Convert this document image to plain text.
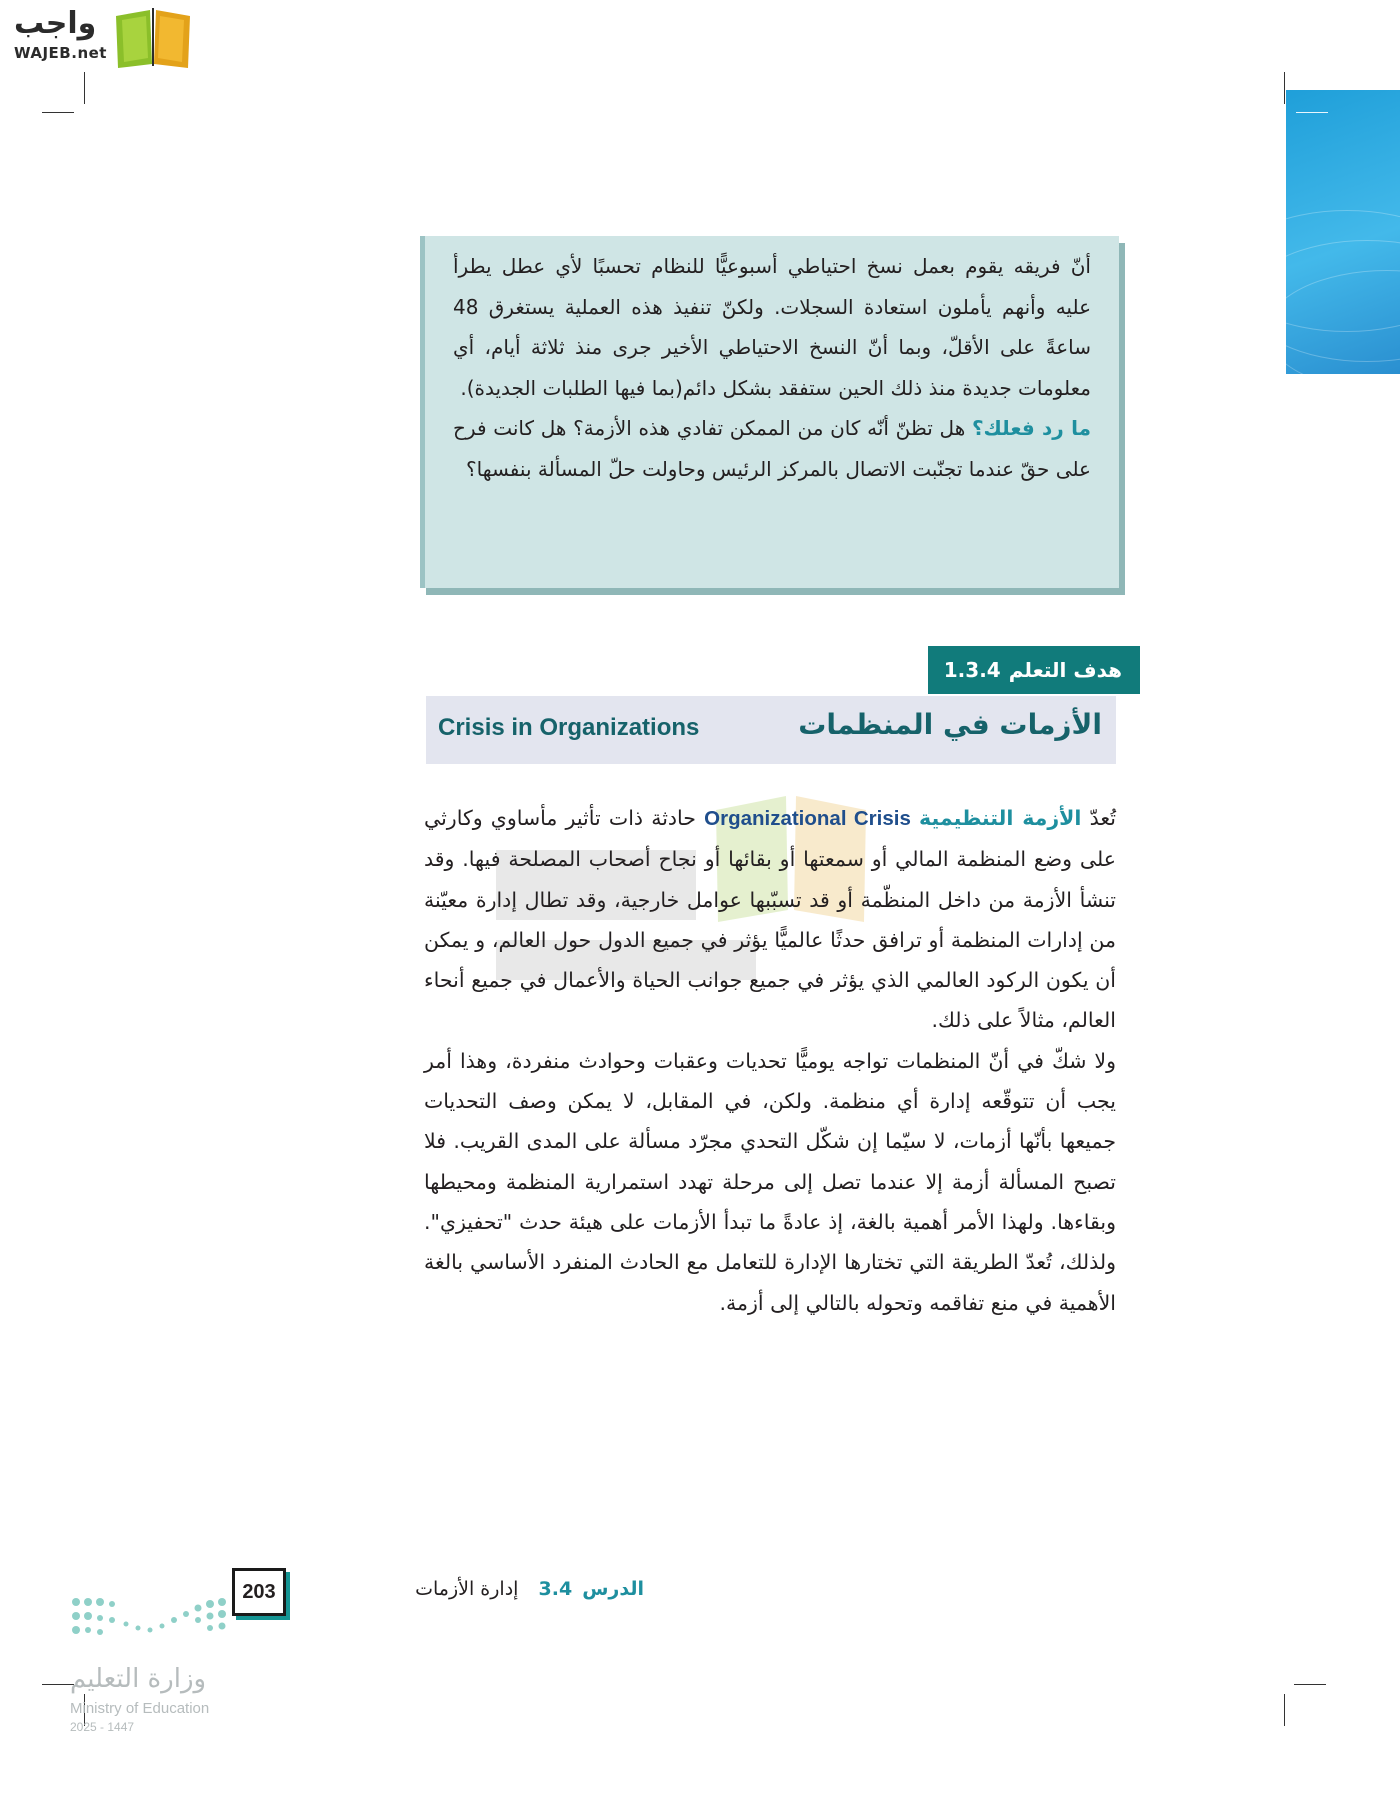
واجب
WAJEB.net
أنّ فريقه يقوم بعمل نسخ احتياطي أسبوعيًّا للنظام تحسبًا لأي عطل يطرأ عليه وأنهم يأملون استعادة السجلات. ولكنّ تنفيذ هذه العملية يستغرق 48 ساعةً على الأقلّ، وبما أنّ النسخ الاحتياطي الأخير جرى منذ ثلاثة أيام، أي معلومات جديدة منذ ذلك الحين ستفقد بشكل دائم(بما فيها الطلبات الجديدة).
ما رد فعلك؟ هل تظنّ أنّه كان من الممكن تفادي هذه الأزمة؟ هل كانت فرح على حقّ عندما تجنّبت الاتصال بالمركز الرئيس وحاولت حلّ المسألة بنفسها؟
هدف التعلم
1.3.4
الأزمات في المنظمات
Crisis in Organizations

تُعدّ الأزمة التنظيمية Organizational Crisis حادثة ذات تأثير مأساوي وكارثي على وضع المنظمة المالي أو سمعتها أو بقائها أو نجاح أصحاب المصلحة فيها. وقد تنشأ الأزمة من داخل المنظّمة أو قد تسبّبها عوامل خارجية، وقد تطال إدارة معيّنة من إدارات المنظمة أو ترافق حدثًا عالميًّا يؤثر في جميع الدول حول العالم، و يمكن أن يكون الركود العالمي الذي يؤثر في جميع جوانب الحياة والأعمال في جميع أنحاء العالم، مثالاً على ذلك.

ولا شكّ في أنّ المنظمات تواجه يوميًّا تحديات وعقبات وحوادث منفردة، وهذا أمر يجب أن تتوقّعه إدارة أي منظمة. ولكن، في المقابل، لا يمكن وصف التحديات جميعها بأنّها أزمات، لا سيّما إن شكّل التحدي مجرّد مسألة على المدى القريب. فلا تصبح المسألة أزمة إلا عندما تصل إلى مرحلة تهدد استمرارية المنظمة ومحيطها وبقاءها. ولهذا الأمر أهمية بالغة، إذ عادةً ما تبدأ الأزمات على هيئة حدث "تحفيزي". ولذلك، تُعدّ الطريقة التي تختارها الإدارة للتعامل مع الحادث المنفرد الأساسي بالغة الأهمية في منع تفاقمه وتحوله بالتالي إلى أزمة.

203	الدرس 3.4 إدارة الأزمات
وزارة التعليم
Ministry of Education
2025 - 1447
